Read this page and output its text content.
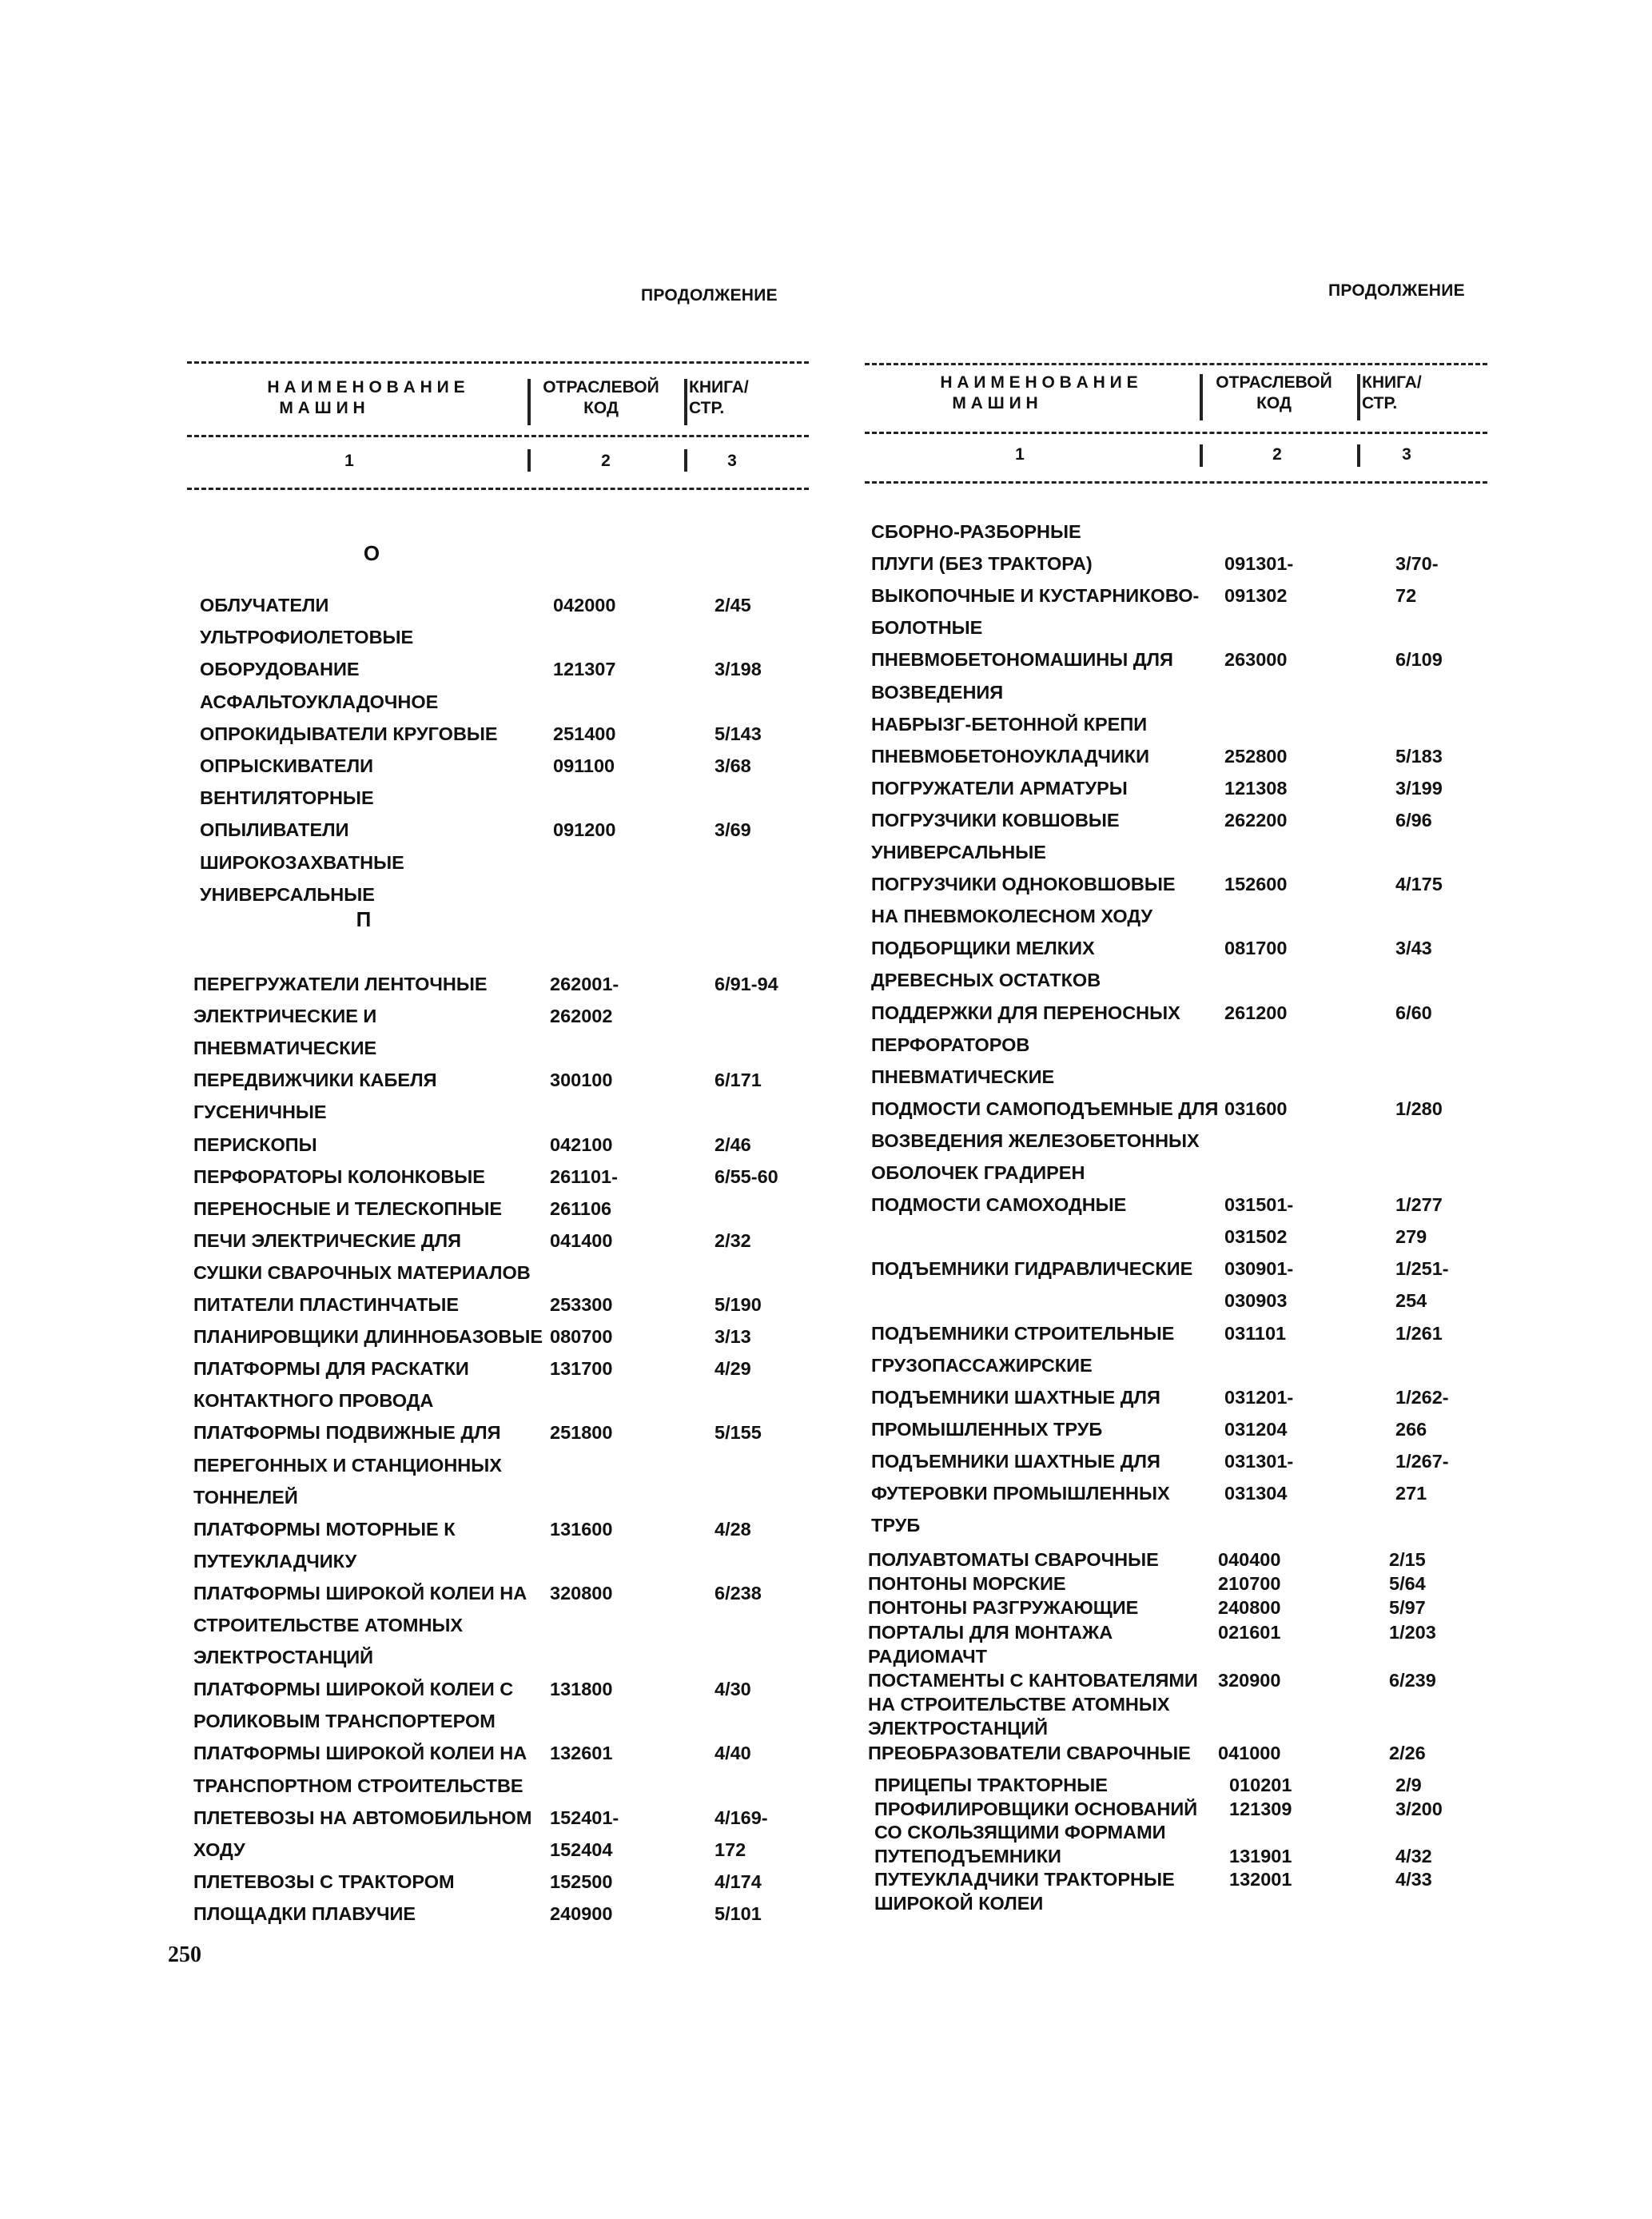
ПРОДОЛЖЕНИЕ
Н А И М Е Н О В А Н И Е
М А Ш И Н
ОТРАСЛЕВОЙ
КОД
КНИГА/
СТР.
1	2	3
О
ОБЛУЧАТЕЛИ	042000	2/45
УЛЬТРОФИОЛЕТОВЫЕ
ОБОРУДОВАНИЕ	121307	3/198
АСФАЛЬТОУКЛАДОЧНОЕ
ОПРОКИДЫВАТЕЛИ КРУГОВЫЕ	251400	5/143
ОПРЫСКИВАТЕЛИ	091100	3/68
ВЕНТИЛЯТОРНЫЕ
ОПЫЛИВАТЕЛИ	091200	3/69
ШИРОКОЗАХВАТНЫЕ
УНИВЕРСАЛЬНЫЕ
П
ПЕРЕГРУЖАТЕЛИ ЛЕНТОЧНЫЕ	262001-	6/91-94
ЭЛЕКТРИЧЕСКИЕ И	262002
ПНЕВМАТИЧЕСКИЕ
ПЕРЕДВИЖЧИКИ КАБЕЛЯ	300100	6/171
ГУСЕНИЧНЫЕ
ПЕРИСКОПЫ	042100	2/46
ПЕРФОРАТОРЫ КОЛОНКОВЫЕ	261101-	6/55-60
ПЕРЕНОСНЫЕ И ТЕЛЕСКОПНЫЕ	261106
ПЕЧИ ЭЛЕКТРИЧЕСКИЕ ДЛЯ	041400	2/32
СУШКИ СВАРОЧНЫХ МАТЕРИАЛОВ
ПИТАТЕЛИ ПЛАСТИНЧАТЫЕ	253300	5/190
ПЛАНИРОВЩИКИ ДЛИННОБАЗОВЫЕ 080700	3/13
ПЛАТФОРМЫ ДЛЯ РАСКАТКИ	131700	4/29
КОНТАКТНОГО ПРОВОДА
ПЛАТФОРМЫ ПОДВИЖНЫЕ ДЛЯ	251800	5/155
ПЕРЕГОННЫХ И СТАНЦИОННЫХ
ТОННЕЛЕЙ
ПЛАТФОРМЫ МОТОРНЫЕ К	131600	4/28
ПУТЕУКЛАДЧИКУ
ПЛАТФОРМЫ ШИРОКОЙ КОЛЕИ НА 320800	6/238
СТРОИТЕЛЬСТВЕ АТОМНЫХ
ЭЛЕКТРОСТАНЦИЙ
ПЛАТФОРМЫ ШИРОКОЙ КОЛЕИ С 131800	4/30
РОЛИКОВЫМ ТРАНСПОРТЕРОМ
ПЛАТФОРМЫ ШИРОКОЙ КОЛЕИ НА 132601	4/40
ТРАНСПОРТНОМ СТРОИТЕЛЬСТВЕ
ПЛЕТЕВОЗЫ НА АВТОМОБИЛЬНОМ 152401-	4/169-
ХОДУ	152404	172
ПЛЕТЕВОЗЫ С ТРАКТОРОМ	152500	4/174
ПЛОЩАДКИ ПЛАВУЧИЕ	240900	5/101
250
ПРОДОЛЖЕНИЕ
Н А И М Е Н О В А Н И Е
М А Ш И Н
ОТРАСЛЕВОЙ
КОД
КНИГА/
СТР.
1	2	3
СБОРНО-РАЗБОРНЫЕ
ПЛУГИ (БЕЗ ТРАКТОРА)	091301-	3/70-
ВЫКОПОЧНЫЕ И КУСТАРНИКОВО- 091302	72
БОЛОТНЫЕ
ПНЕВМОБЕТОНОМАШИНЫ ДЛЯ	263000	6/109
ВОЗВЕДЕНИЯ
НАБРЫЗГ-БЕТОННОЙ КРЕПИ
ПНЕВМОБЕТОНОУКЛАДЧИКИ	252800	5/183
ПОГРУЖАТЕЛИ АРМАТУРЫ	121308	3/199
ПОГРУЗЧИКИ КОВШОВЫЕ	262200	6/96
УНИВЕРСАЛЬНЫЕ
ПОГРУЗЧИКИ ОДНОКОВШОВЫЕ	152600	4/175
НА ПНЕВМОКОЛЕСНОМ ХОДУ
ПОДБОРЩИКИ МЕЛКИХ	081700	3/43
ДРЕВЕСНЫХ ОСТАТКОВ
ПОДДЕРЖКИ ДЛЯ ПЕРЕНОСНЫХ 261200	6/60
ПЕРФОРАТОРОВ
ПНЕВМАТИЧЕСКИЕ
ПОДМОСТИ САМОПОДЪЕМНЫЕ ДЛЯ 031600	1/280
ВОЗВЕДЕНИЯ ЖЕЛЕЗОБЕТОННЫХ
ОБОЛОЧЕК ГРАДИРЕН
ПОДМОСТИ САМОХОДНЫЕ	031501-	1/277
031502	279
ПОДЪЕМНИКИ ГИДРАВЛИЧЕСКИЕ 030901-	1/251-
030903	254
ПОДЪЕМНИКИ СТРОИТЕЛЬНЫЕ	031101	1/261
ГРУЗОПАССАЖИРСКИЕ
ПОДЪЕМНИКИ ШАХТНЫЕ ДЛЯ	031201-	1/262-
ПРОМЫШЛЕННЫХ ТРУБ	031204	266
ПОДЪЕМНИКИ ШАХТНЫЕ ДЛЯ	031301-	1/267-
ФУТЕРОВКИ ПРОМЫШЛЕННЫХ	031304	271
ТРУБ
ПОЛУАВТОМАТЫ СВАРОЧНЫЕ	040400	2/15
ПОНТОНЫ МОРСКИЕ	210700	5/64
ПОНТОНЫ РАЗГРУЖАЮЩИЕ	240800	5/97
ПОРТАЛЫ ДЛЯ МОНТАЖА	021601	1/203
РАДИОМАЧТ
ПОСТАМЕНТЫ С КАНТОВАТЕЛЯМИ 320900	6/239
НА СТРОИТЕЛЬСТВЕ АТОМНЫХ
ЭЛЕКТРОСТАНЦИЙ
ПРЕОБРАЗОВАТЕЛИ СВАРОЧНЫЕ 041000	2/26
ПРИЦЕПЫ ТРАКТОРНЫЕ	010201	2/9
ПРОФИЛИРОВЩИКИ ОСНОВАНИЙ 121309	3/200
СО СКОЛЬЗЯЩИМИ ФОРМАМИ
ПУТЕПОДЪЕМНИКИ	131901	4/32
ПУТЕУКЛАДЧИКИ ТРАКТОРНЫЕ	132001	4/33
ШИРОКОЙ КОЛЕИ
